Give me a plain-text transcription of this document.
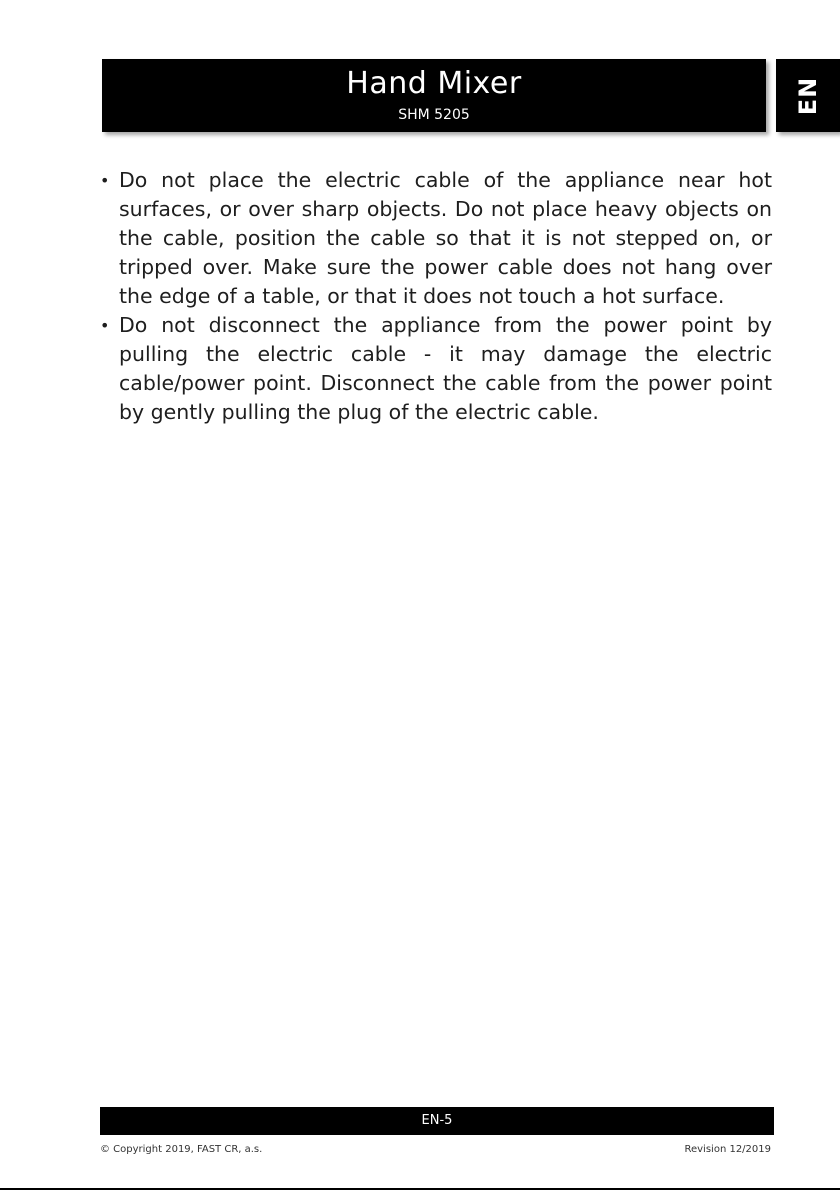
Hand Mixer
SHM 5205
EN
• Do not place the electric cable of the appliance near hot surfaces, or over sharp objects. Do not place heavy objects on the cable, position the cable so that it is not stepped on, or tripped over. Make sure the power cable does not hang over the edge of a table, or that it does not touch a hot surface.
• Do not disconnect the appliance from the power point by pulling the electric cable - it may damage the electric cable/power point. Disconnect the cable from the power point by gently pulling the plug of the electric cable.
EN-5
© Copyright 2019, FAST CR, a.s.	Revision 12/2019
